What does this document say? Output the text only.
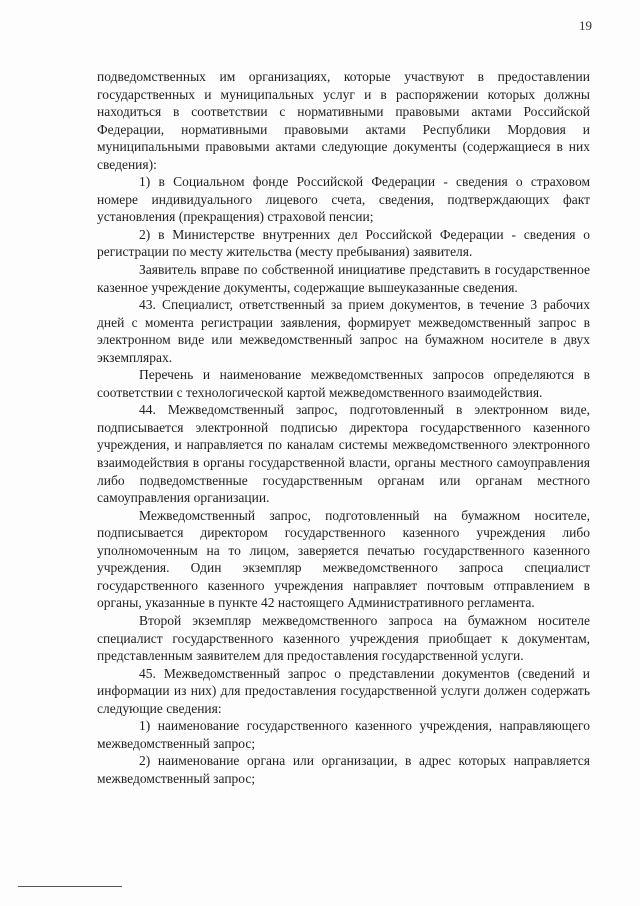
19

подведомственных им организациях, которые участвуют в предоставлении государственных и муниципальных услуг и в распоряжении которых должны находиться в соответствии с нормативными правовыми актами Российской Федерации, нормативными правовыми актами Республики Мордовия и муниципальными правовыми актами следующие документы (содержащиеся в них сведения):

1) в Социальном фонде Российской Федерации - сведения о страховом номере индивидуального лицевого счета, сведения, подтверждающих факт установления (прекращения) страховой пенсии;

2) в Министерстве внутренних дел Российской Федерации - сведения о регистрации по месту жительства (месту пребывания) заявителя.

Заявитель вправе по собственной инициативе представить в государственное казенное учреждение документы, содержащие вышеуказанные сведения.

43. Специалист, ответственный за прием документов, в течение 3 рабочих дней с момента регистрации заявления, формирует межведомственный запрос в электронном виде или межведомственный запрос на бумажном носителе в двух экземплярах.

Перечень и наименование межведомственных запросов определяются в соответствии с технологической картой межведомственного взаимодействия.

44. Межведомственный запрос, подготовленный в электронном виде, подписывается электронной подписью директора государственного казенного учреждения, и направляется по каналам системы межведомственного электронного взаимодействия в органы государственной власти, органы местного самоуправления либо подведомственные государственным органам или органам местного самоуправления организации.

Межведомственный запрос, подготовленный на бумажном носителе, подписывается директором государственного казенного учреждения либо уполномоченным на то лицом, заверяется печатью государственного казенного учреждения. Один экземпляр межведомственного запроса специалист государственного казенного учреждения направляет почтовым отправлением в органы, указанные в пункте 42 настоящего Административного регламента.

Второй экземпляр межведомственного запроса на бумажном носителе специалист государственного казенного учреждения приобщает к документам, представленным заявителем для предоставления государственной услуги.

45. Межведомственный запрос о представлении документов (сведений и информации из них) для предоставления государственной услуги должен содержать следующие сведения:

1) наименование государственного казенного учреждения, направляющего межведомственный запрос;

2) наименование органа или организации, в адрес которых направляется межведомственный запрос;
